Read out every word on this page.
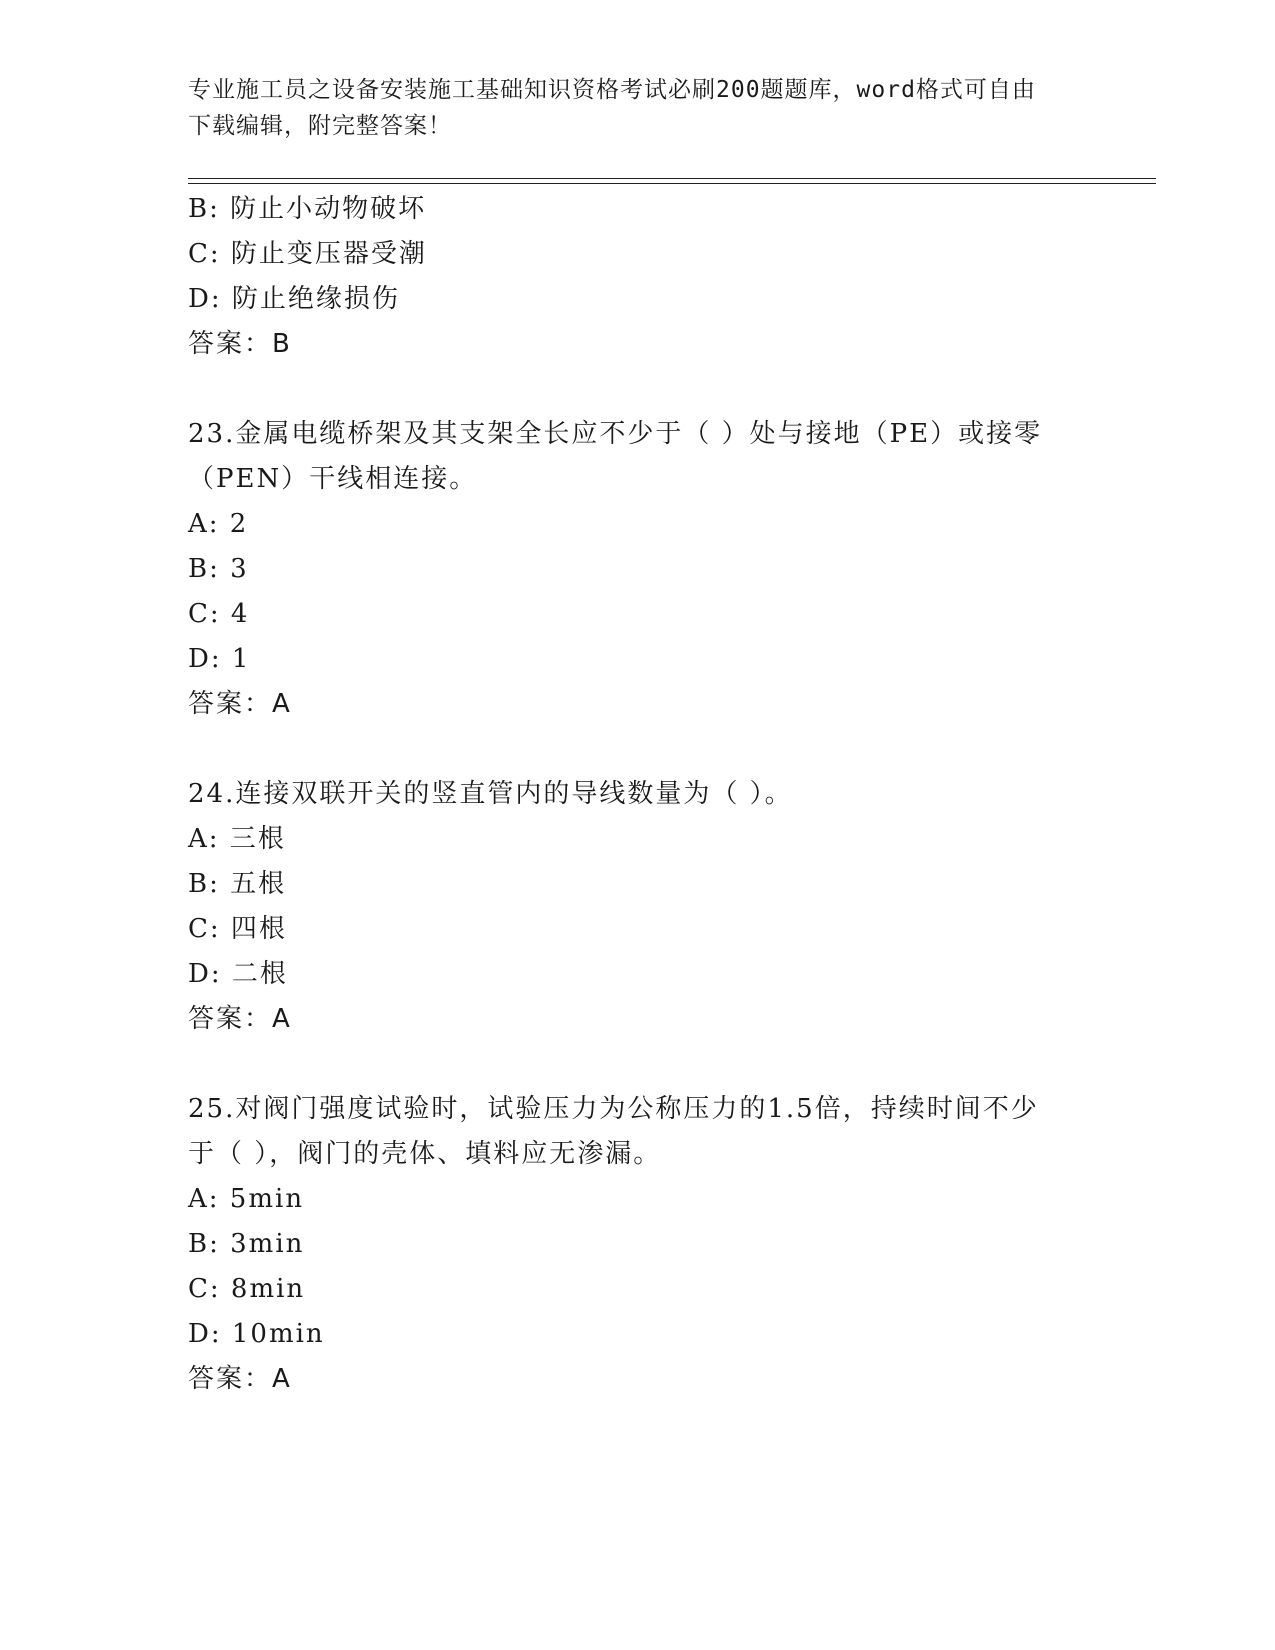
专业施工员之设备安装施工基础知识资格考试必刷200题题库，word格式可自由
下载编辑，附完整答案！
B: 防止小动物破坏
C: 防止变压器受潮
D: 防止绝缘损伤
答案：B
23.金属电缆桥架及其支架全长应不少于（ ）处与接地（PE）或接零
（PEN）干线相连接。
A: 2
B: 3
C: 4
D: 1
答案：A
24.连接双联开关的竖直管内的导线数量为（ ）。
A: 三根
B: 五根
C: 四根
D: 二根
答案：A
25.对阀门强度试验时，试验压力为公称压力的1.5倍，持续时间不少
于（ ），阀门的壳体、填料应无渗漏。
A: 5min
B: 3min
C: 8min
D: 10min
答案：A
